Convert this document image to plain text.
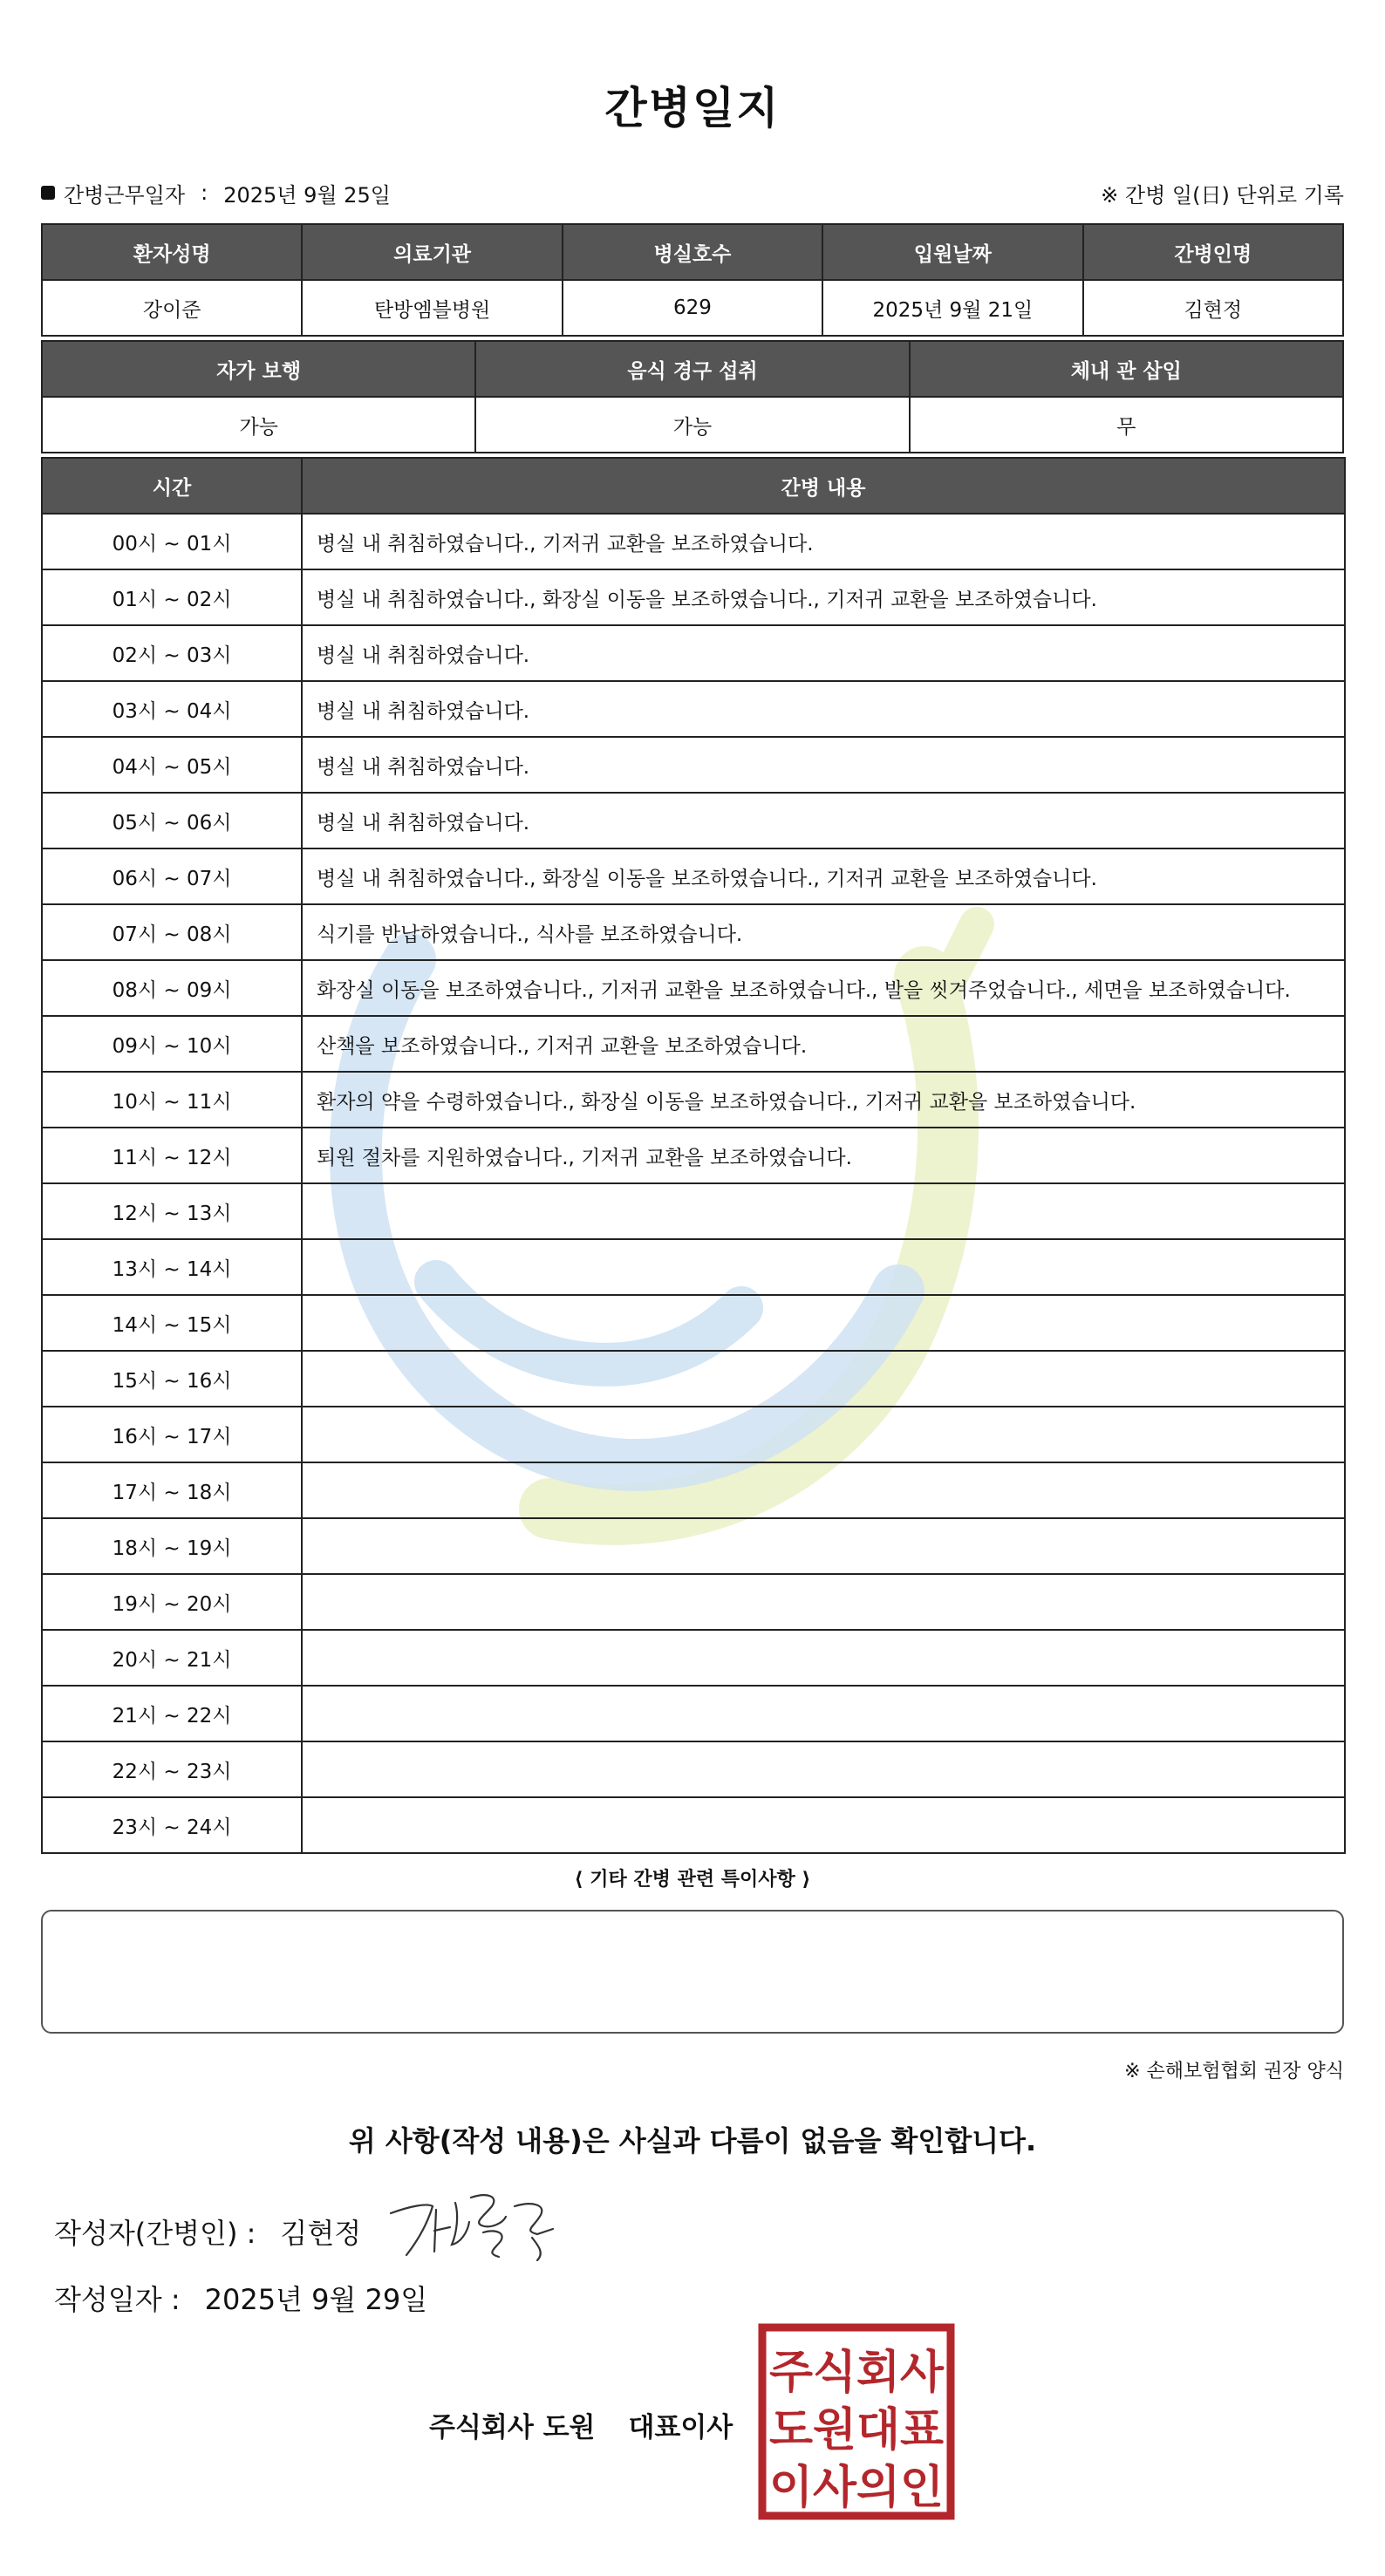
간병일지
간병근무일자 : 2025년 9월 25일	※ 간병 일(日) 단위로 기록
환자성명	의료기관	병실호수	입원날짜	간병인명
강이준	탄방엠블병원	629	2025년 9월 21일	김현정
자가 보행	음식 경구 섭취	체내 관 삽입
가능	가능	무
시간	간병 내용
00시 ~ 01시	병실 내 취침하였습니다., 기저귀 교환을 보조하였습니다.
01시 ~ 02시	병실 내 취침하였습니다., 화장실 이동을 보조하였습니다., 기저귀 교환을 보조하였습니다.
02시 ~ 03시	병실 내 취침하였습니다.
03시 ~ 04시	병실 내 취침하였습니다.
04시 ~ 05시	병실 내 취침하였습니다.
05시 ~ 06시	병실 내 취침하였습니다.
06시 ~ 07시	병실 내 취침하였습니다., 화장실 이동을 보조하였습니다., 기저귀 교환을 보조하였습니다.
07시 ~ 08시	식기를 반납하였습니다., 식사를 보조하였습니다.
08시 ~ 09시	화장실 이동을 보조하였습니다., 기저귀 교환을 보조하였습니다., 발을 씻겨주었습니다., 세면을 보조하였습니다.
09시 ~ 10시	산책을 보조하였습니다., 기저귀 교환을 보조하였습니다.
10시 ~ 11시	환자의 약을 수령하였습니다., 화장실 이동을 보조하였습니다., 기저귀 교환을 보조하였습니다.
11시 ~ 12시	퇴원 절차를 지원하였습니다., 기저귀 교환을 보조하였습니다.
12시 ~ 13시	
13시 ~ 14시	
14시 ~ 15시	
15시 ~ 16시	
16시 ~ 17시	
17시 ~ 18시	
18시 ~ 19시	
19시 ~ 20시	
20시 ~ 21시	
21시 ~ 22시	
22시 ~ 23시	
23시 ~ 24시	
⟨ 기타 간병 관련 특이사항 ⟩
※ 손해보험협회 권장 양식
위 사항(작성 내용)은 사실과 다름이 없음을 확인합니다.
작성자(간병인) : 김현정
작성일자 : 2025년 9월 29일
주식회사 도원 대표이사
주식회사
도원대표
이사의인
